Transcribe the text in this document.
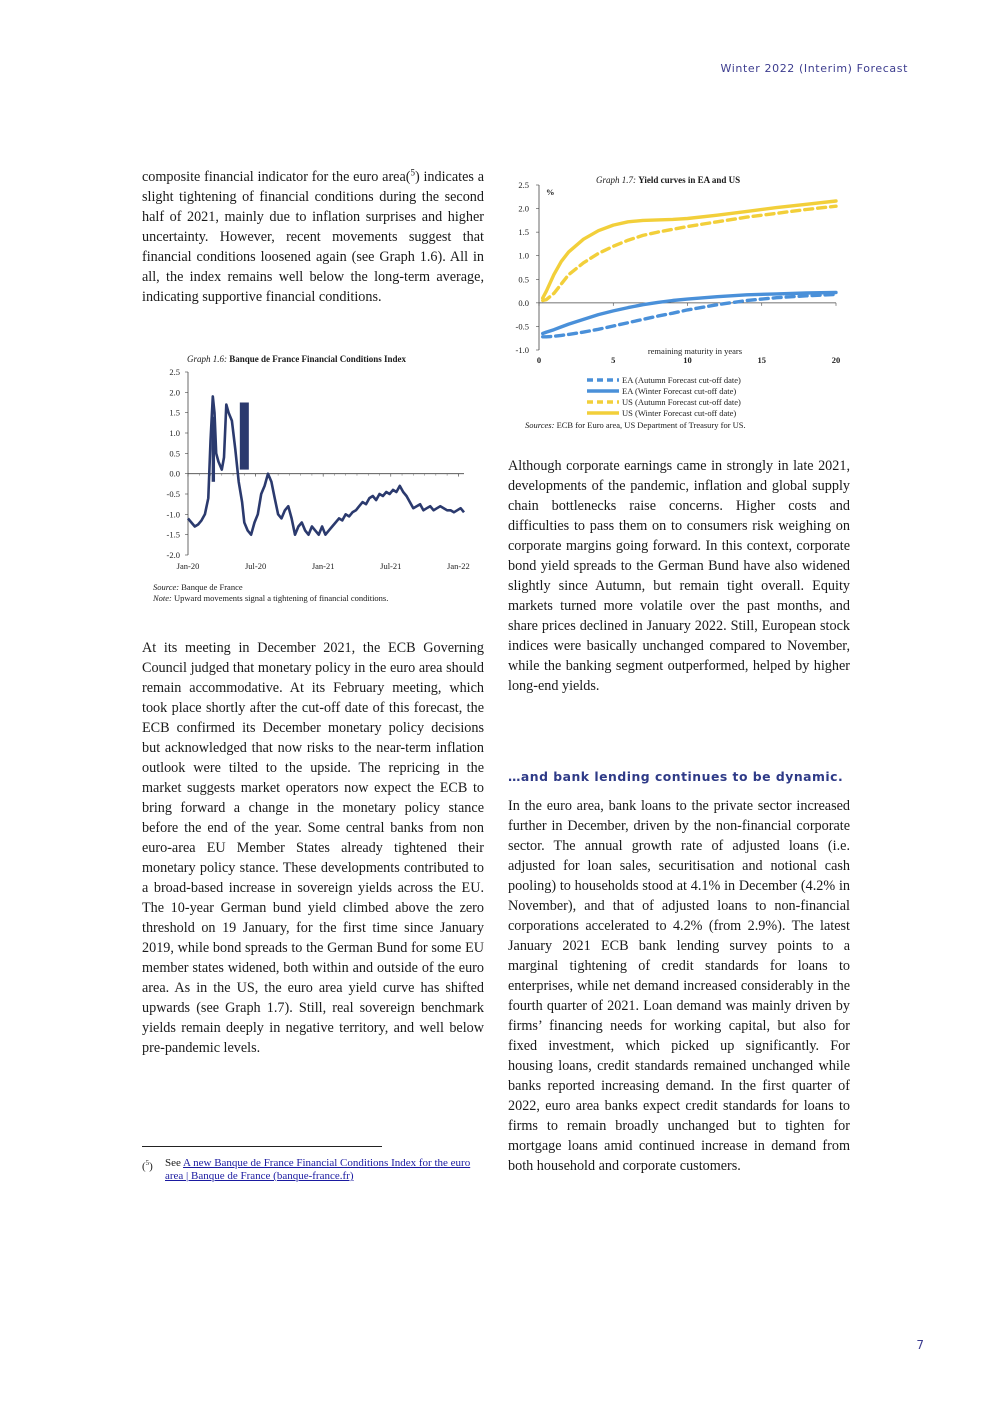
Winter 2022 (Interim) Forecast

composite financial indicator for the euro area($^5$) indicates a slight tightening of financial conditions during the second half of 2021, mainly due to inflation surprises and higher uncertainty. However, recent movements suggest that financial conditions loosened again (see Graph 1.6). All in all, the index remains well below the long-term average, indicating supportive financial conditions.

Graph 1.6: Banque de France Financial Conditions Index
2.5
2.0
1.5
1.0
0.5
0.0
-0.5
-1.0
-1.5
-2.0
Jan-20	Jul-20	Jan-21	Jul-21	Jan-22
Source: Banque de France
Note: Upward movements signal a tightening of financial conditions.

At its meeting in December 2021, the ECB Governing Council judged that monetary policy in the euro area should remain accommodative. At its February meeting, which took place shortly after the cut-off date of this forecast, the ECB confirmed its December monetary policy decisions but acknowledged that now risks to the near-term inflation outlook were tilted to the upside. The repricing in the market suggests market operators now expect the ECB to bring forward a change in the monetary policy stance before the end of the year. Some central banks from non euro-area EU Member States already tightened their monetary policy stance. These developments contributed to a broad-based increase in sovereign yields across the EU. The 10-year German bund yield climbed above the zero threshold on 19 January, for the first time since January 2019, while bond spreads to the German Bund for some EU member states widened, both within and outside of the euro area. As in the US, the euro area yield curve has shifted upwards (see Graph 1.7). Still, real sovereign benchmark yields remain deeply in negative territory, and well below pre-pandemic levels.

($^5$) See A new Banque de France Financial Conditions Index for the euro area | Banque de France (banque-france.fr)
Graph 1.7: Yield curves in EA and US
2.5
2.0
1.5
1.0
0.5
0.0
-0.5
-1.0
%
0	5	10	15	20
remaining maturity in years
EA (Autumn Forecast cut-off date)
EA (Winter Forecast cut-off date)
US (Autumn Forecast cut-off date)
US (Winter Forecast cut-off date)
Sources: ECB for Euro area, US Department of Treasury for US.

Although corporate earnings came in strongly in late 2021, developments of the pandemic, inflation and global supply chain bottlenecks raise concerns. Higher costs and difficulties to pass them on to consumers risk weighing on corporate margins going forward. In this context, corporate bond yield spreads to the German Bund have also widened slightly since Autumn, but remain tight overall. Equity markets turned more volatile over the past months, and share prices declined in January 2022. Still, European stock indices were basically unchanged compared to November, while the banking segment outperformed, helped by higher long-end yields.

…and bank lending continues to be dynamic.

In the euro area, bank loans to the private sector increased further in December, driven by the non-financial corporate sector. The annual growth rate of adjusted loans (i.e. adjusted for loan sales, securitisation and notional cash pooling) to households stood at 4.1% in December (4.2% in November), and that of adjusted loans to non-financial corporations accelerated to 4.2% (from 2.9%). The latest January 2021 ECB bank lending survey points to a marginal tightening of credit standards for loans to enterprises, while net demand increased considerably in the fourth quarter of 2021. Loan demand was mainly driven by firms’ financing needs for working capital, but also for fixed investment, which picked up significantly. For housing loans, credit standards remained unchanged while banks reported increasing demand. In the first quarter of 2022, euro area banks expect credit standards for loans to firms to remain broadly unchanged but to tighten for mortgage loans amid continued increase in demand from both household and corporate customers.

7
